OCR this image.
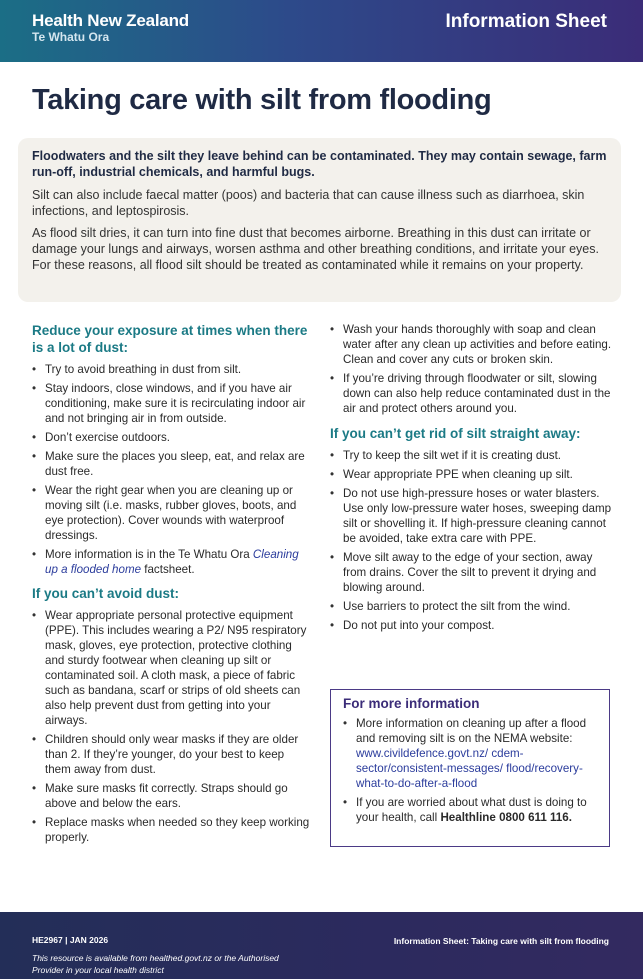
Health New Zealand
Te Whatu Ora
Information Sheet
Taking care with silt from flooding

Floodwaters and the silt they leave behind can be contaminated. They may contain sewage, farm run-off, industrial chemicals, and harmful bugs.

Silt can also include faecal matter (poos) and bacteria that can cause illness such as diarrhoea, skin infections, and leptospirosis.

As flood silt dries, it can turn into fine dust that becomes airborne. Breathing in this dust can irritate or damage your lungs and airways, worsen asthma and other breathing conditions, and irritate your eyes. For these reasons, all flood silt should be treated as contaminated while it remains on your property.

Reduce your exposure at times when there is a lot of dust:
• Try to avoid breathing in dust from silt.
• Stay indoors, close windows, and if you have air conditioning, make sure it is recirculating indoor air and not bringing air in from outside.
• Don’t exercise outdoors.
• Make sure the places you sleep, eat, and relax are dust free.
• Wear the right gear when you are cleaning up or moving silt (i.e. masks, rubber gloves, boots, and eye protection). Cover wounds with waterproof dressings.
• More information is in the Te Whatu Ora Cleaning up a flooded home factsheet.
If you can’t avoid dust:
• Wear appropriate personal protective equipment (PPE). This includes wearing a P2/ N95 respiratory mask, gloves, eye protection, protective clothing and sturdy footwear when cleaning up silt or contaminated soil. A cloth mask, a piece of fabric such as bandana, scarf or strips of old sheets can also help prevent dust from getting into your airways.
• Children should only wear masks if they are older than 2. If they’re younger, do your best to keep them away from dust.
• Make sure masks fit correctly. Straps should go above and below the ears.
• Replace masks when needed so they keep working properly.
• Wash your hands thoroughly with soap and clean water after any clean up activities and before eating. Clean and cover any cuts or broken skin.
• If you’re driving through floodwater or silt, slowing down can also help reduce contaminated dust in the air and protect others around you.
If you can’t get rid of silt straight away:
• Try to keep the silt wet if it is creating dust.
• Wear appropriate PPE when cleaning up silt.
• Do not use high-pressure hoses or water blasters. Use only low-pressure water hoses, sweeping damp silt or shovelling it. If high-pressure cleaning cannot be avoided, take extra care with PPE.
• Move silt away to the edge of your section, away from drains. Cover the silt to prevent it drying and blowing around.
• Use barriers to protect the silt from the wind.
• Do not put into your compost.
For more information
• More information on cleaning up after a flood and removing silt is on the NEMA website: www.civildefence.govt.nz/ cdem-sector/consistent-messages/ flood/recovery-what-to-do-after-a-flood
• If you are worried about what dust is doing to your health, call Healthline 0800 611 116.
HE2967 | JAN 2026
This resource is available from healthed.govt.nz or the Authorised Provider in your local health district
Information Sheet: Taking care with silt from flooding
